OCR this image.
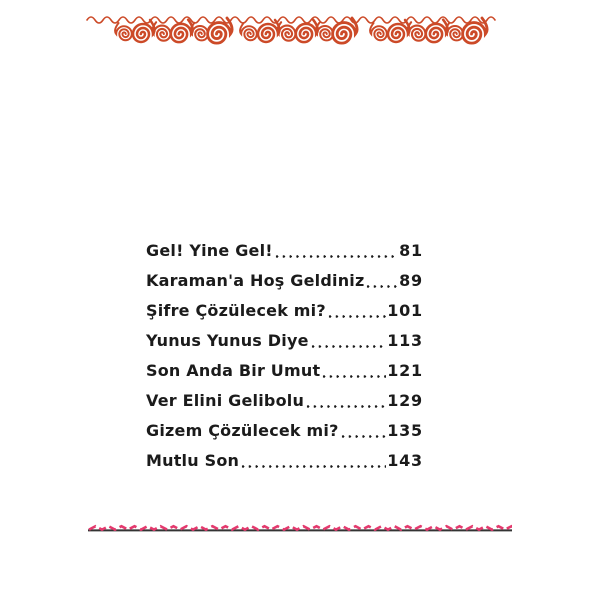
Gel! Yine Gel!	81
Karaman'a Hoş Geldiniz 89
Şifre Çözülecek mi?	101
Yunus Yunus Diye	113
Son Anda Bir Umut	121
Ver Elini Gelibolu	129
Gizem Çözülecek mi?	135
Mutlu Son	143
